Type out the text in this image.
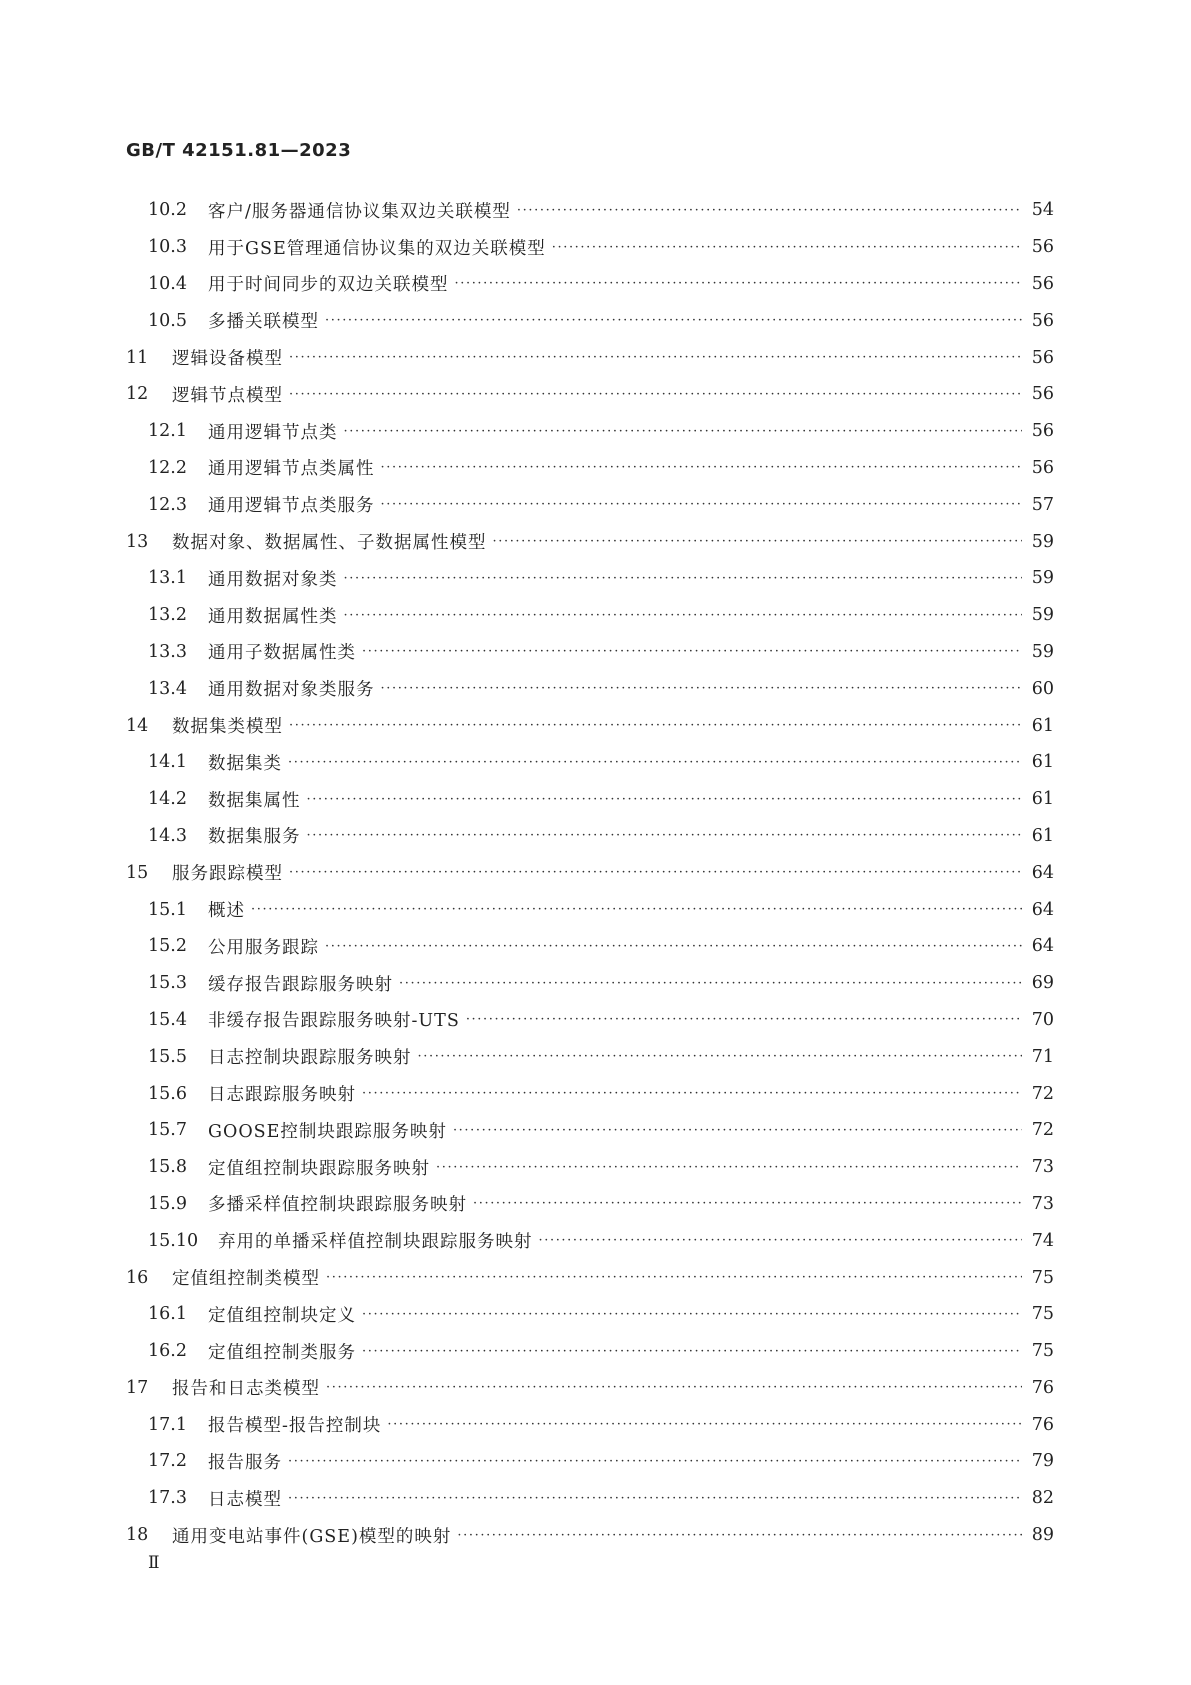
GB/T 42151.81—2023
10.2	客户/服务器通信协议集双边关联模型 ·····	54
10.3	用于GSE管理通信协议集的双边关联模型 ·····	56
10.4	用于时间同步的双边关联模型 ·····	56
10.5	多播关联模型 ·····	56
11	逻辑设备模型 ·····	56
12	逻辑节点模型 ·····	56
12.1	通用逻辑节点类 ·····	56
12.2	通用逻辑节点类属性 ·····	56
12.3	通用逻辑节点类服务 ·····	57
13	数据对象、数据属性、子数据属性模型 ·····	59
13.1	通用数据对象类 ·····	59
13.2	通用数据属性类 ·····	59
13.3	通用子数据属性类 ·····	59
13.4	通用数据对象类服务 ·····	60
14	数据集类模型 ·····	61
14.1	数据集类 ·····	61
14.2	数据集属性 ·····	61
14.3	数据集服务 ·····	61
15	服务跟踪模型 ·····	64
15.1	概述 ·····	64
15.2	公用服务跟踪 ·····	64
15.3	缓存报告跟踪服务映射 ·····	69
15.4	非缓存报告跟踪服务映射-UTS ·····	70
15.5	日志控制块跟踪服务映射 ·····	71
15.6	日志跟踪服务映射 ·····	72
15.7	GOOSE控制块跟踪服务映射 ·····	72
15.8	定值组控制块跟踪服务映射 ·····	73
15.9	多播采样值控制块跟踪服务映射 ·····	73
15.10	弃用的单播采样值控制块跟踪服务映射 ·····	74
16	定值组控制类模型 ·····	75
16.1	定值组控制块定义 ·····	75
16.2	定值组控制类服务 ·····	75
17	报告和日志类模型 ·····	76
17.1	报告模型-报告控制块 ·····	76
17.2	报告服务 ·····	79
17.3	日志模型 ·····	82
18	通用变电站事件(GSE)模型的映射 ·····	89
Ⅱ
